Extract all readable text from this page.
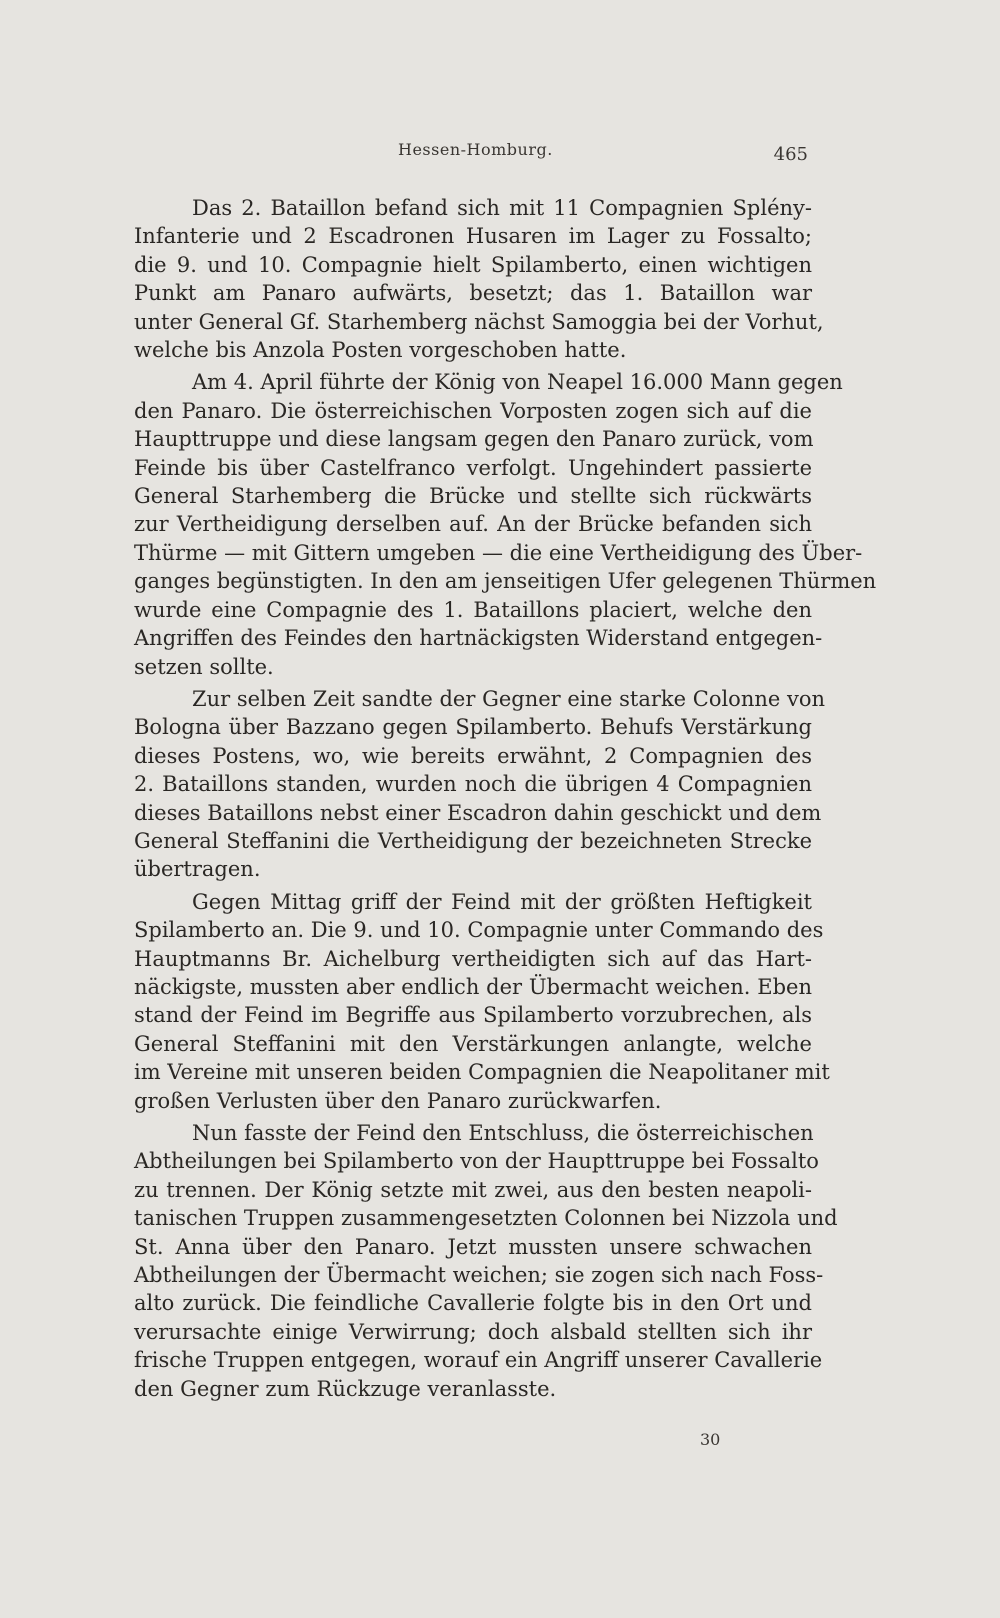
Hessen-Homburg.	465

Das 2. Bataillon befand sich mit 11 Compagnien Splény-
Infanterie und 2 Escadronen Husaren im Lager zu Fossalto;
die 9. und 10. Compagnie hielt Spilamberto, einen wichtigen
Punkt am Panaro aufwärts, besetzt; das 1. Bataillon war
unter General Gf. Starhemberg nächst Samoggia bei der Vorhut,
welche bis Anzola Posten vorgeschoben hatte.

Am 4. April führte der König von Neapel 16.000 Mann gegen
den Panaro. Die österreichischen Vorposten zogen sich auf die
Haupttruppe und diese langsam gegen den Panaro zurück, vom
Feinde bis über Castelfranco verfolgt. Ungehindert passierte
General Starhemberg die Brücke und stellte sich rückwärts
zur Vertheidigung derselben auf. An der Brücke befanden sich
Thürme — mit Gittern umgeben — die eine Vertheidigung des Über-
ganges begünstigten. In den am jenseitigen Ufer gelegenen Thürmen
wurde eine Compagnie des 1. Bataillons placiert, welche den
Angriffen des Feindes den hartnäckigsten Widerstand entgegen-
setzen sollte.

Zur selben Zeit sandte der Gegner eine starke Colonne von
Bologna über Bazzano gegen Spilamberto. Behufs Verstärkung
dieses Postens, wo, wie bereits erwähnt, 2 Compagnien des
2. Bataillons standen, wurden noch die übrigen 4 Compagnien
dieses Bataillons nebst einer Escadron dahin geschickt und dem
General Steffanini die Vertheidigung der bezeichneten Strecke
übertragen.

Gegen Mittag griff der Feind mit der größten Heftigkeit
Spilamberto an. Die 9. und 10. Compagnie unter Commando des
Hauptmanns Br. Aichelburg vertheidigten sich auf das Hart-
näckigste, mussten aber endlich der Übermacht weichen. Eben
stand der Feind im Begriffe aus Spilamberto vorzubrechen, als
General Steffanini mit den Verstärkungen anlangte, welche
im Vereine mit unseren beiden Compagnien die Neapolitaner mit
großen Verlusten über den Panaro zurückwarfen.

Nun fasste der Feind den Entschluss, die österreichischen
Abtheilungen bei Spilamberto von der Haupttruppe bei Fossalto
zu trennen. Der König setzte mit zwei, aus den besten neapoli-
tanischen Truppen zusammengesetzten Colonnen bei Nizzola und
St. Anna über den Panaro. Jetzt mussten unsere schwachen
Abtheilungen der Übermacht weichen; sie zogen sich nach Foss-
alto zurück. Die feindliche Cavallerie folgte bis in den Ort und
verursachte einige Verwirrung; doch alsbald stellten sich ihr
frische Truppen entgegen, worauf ein Angriff unserer Cavallerie
den Gegner zum Rückzuge veranlasste.

30
